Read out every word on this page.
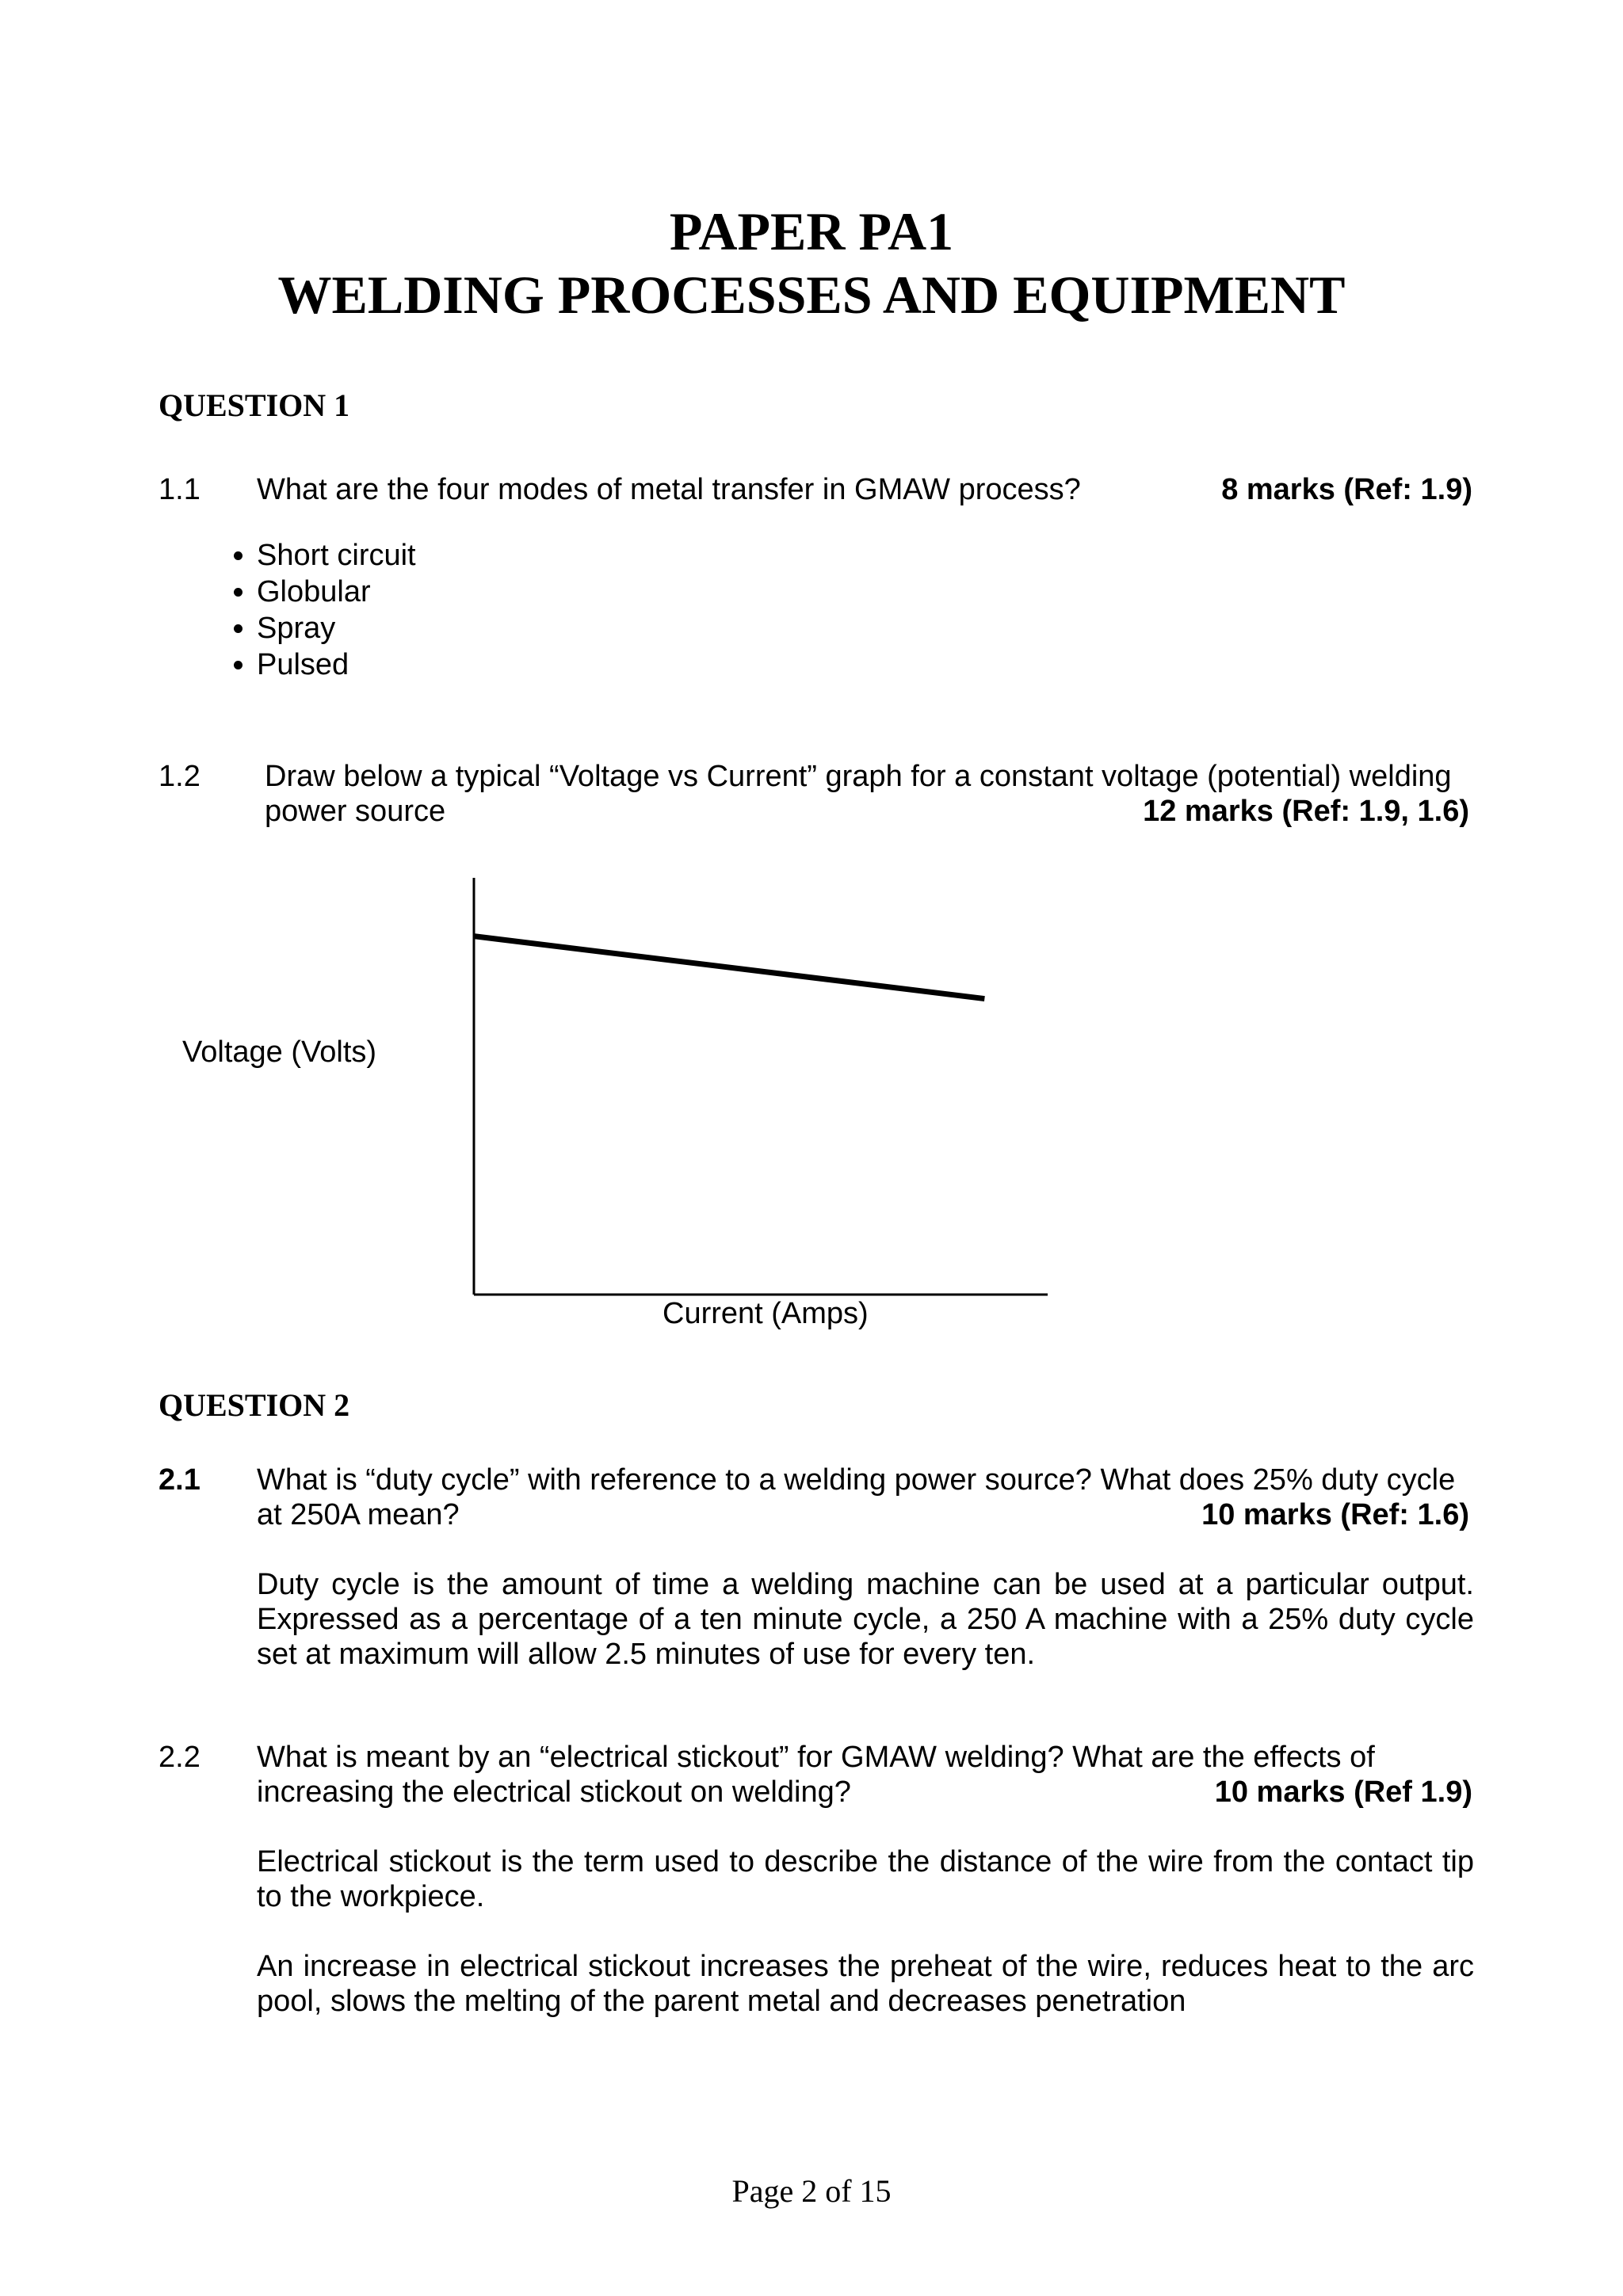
PAPER PA1
WELDING PROCESSES AND EQUIPMENT
QUESTION 1
1.1 What are the four modes of metal transfer in GMAW process?	8 marks (Ref: 1.9)
• Short circuit
• Globular
• Spray
• Pulsed
1.2 Draw below a typical “Voltage vs Current” graph for a constant voltage (potential) welding
power source	12 marks (Ref: 1.9, 1.6)
Voltage (Volts)
Current (Amps)
QUESTION 2
2.1 What is “duty cycle” with reference to a welding power source? What does 25% duty cycle
at 250A mean?	10 marks (Ref: 1.6)
Duty cycle is the amount of time a welding machine can be used at a particular output. Expressed as a percentage of a ten minute cycle, a 250 A machine with a 25% duty cycle set at maximum will allow 2.5 minutes of use for every ten.
2.2 What is meant by an “electrical stickout” for GMAW welding? What are the effects of
increasing the electrical stickout on welding?	10 marks (Ref 1.9)
Electrical stickout is the term used to describe the distance of the wire from the contact tip to the workpiece.
An increase in electrical stickout increases the preheat of the wire, reduces heat to the arc pool, slows the melting of the parent metal and decreases penetration
Page 2 of 15
